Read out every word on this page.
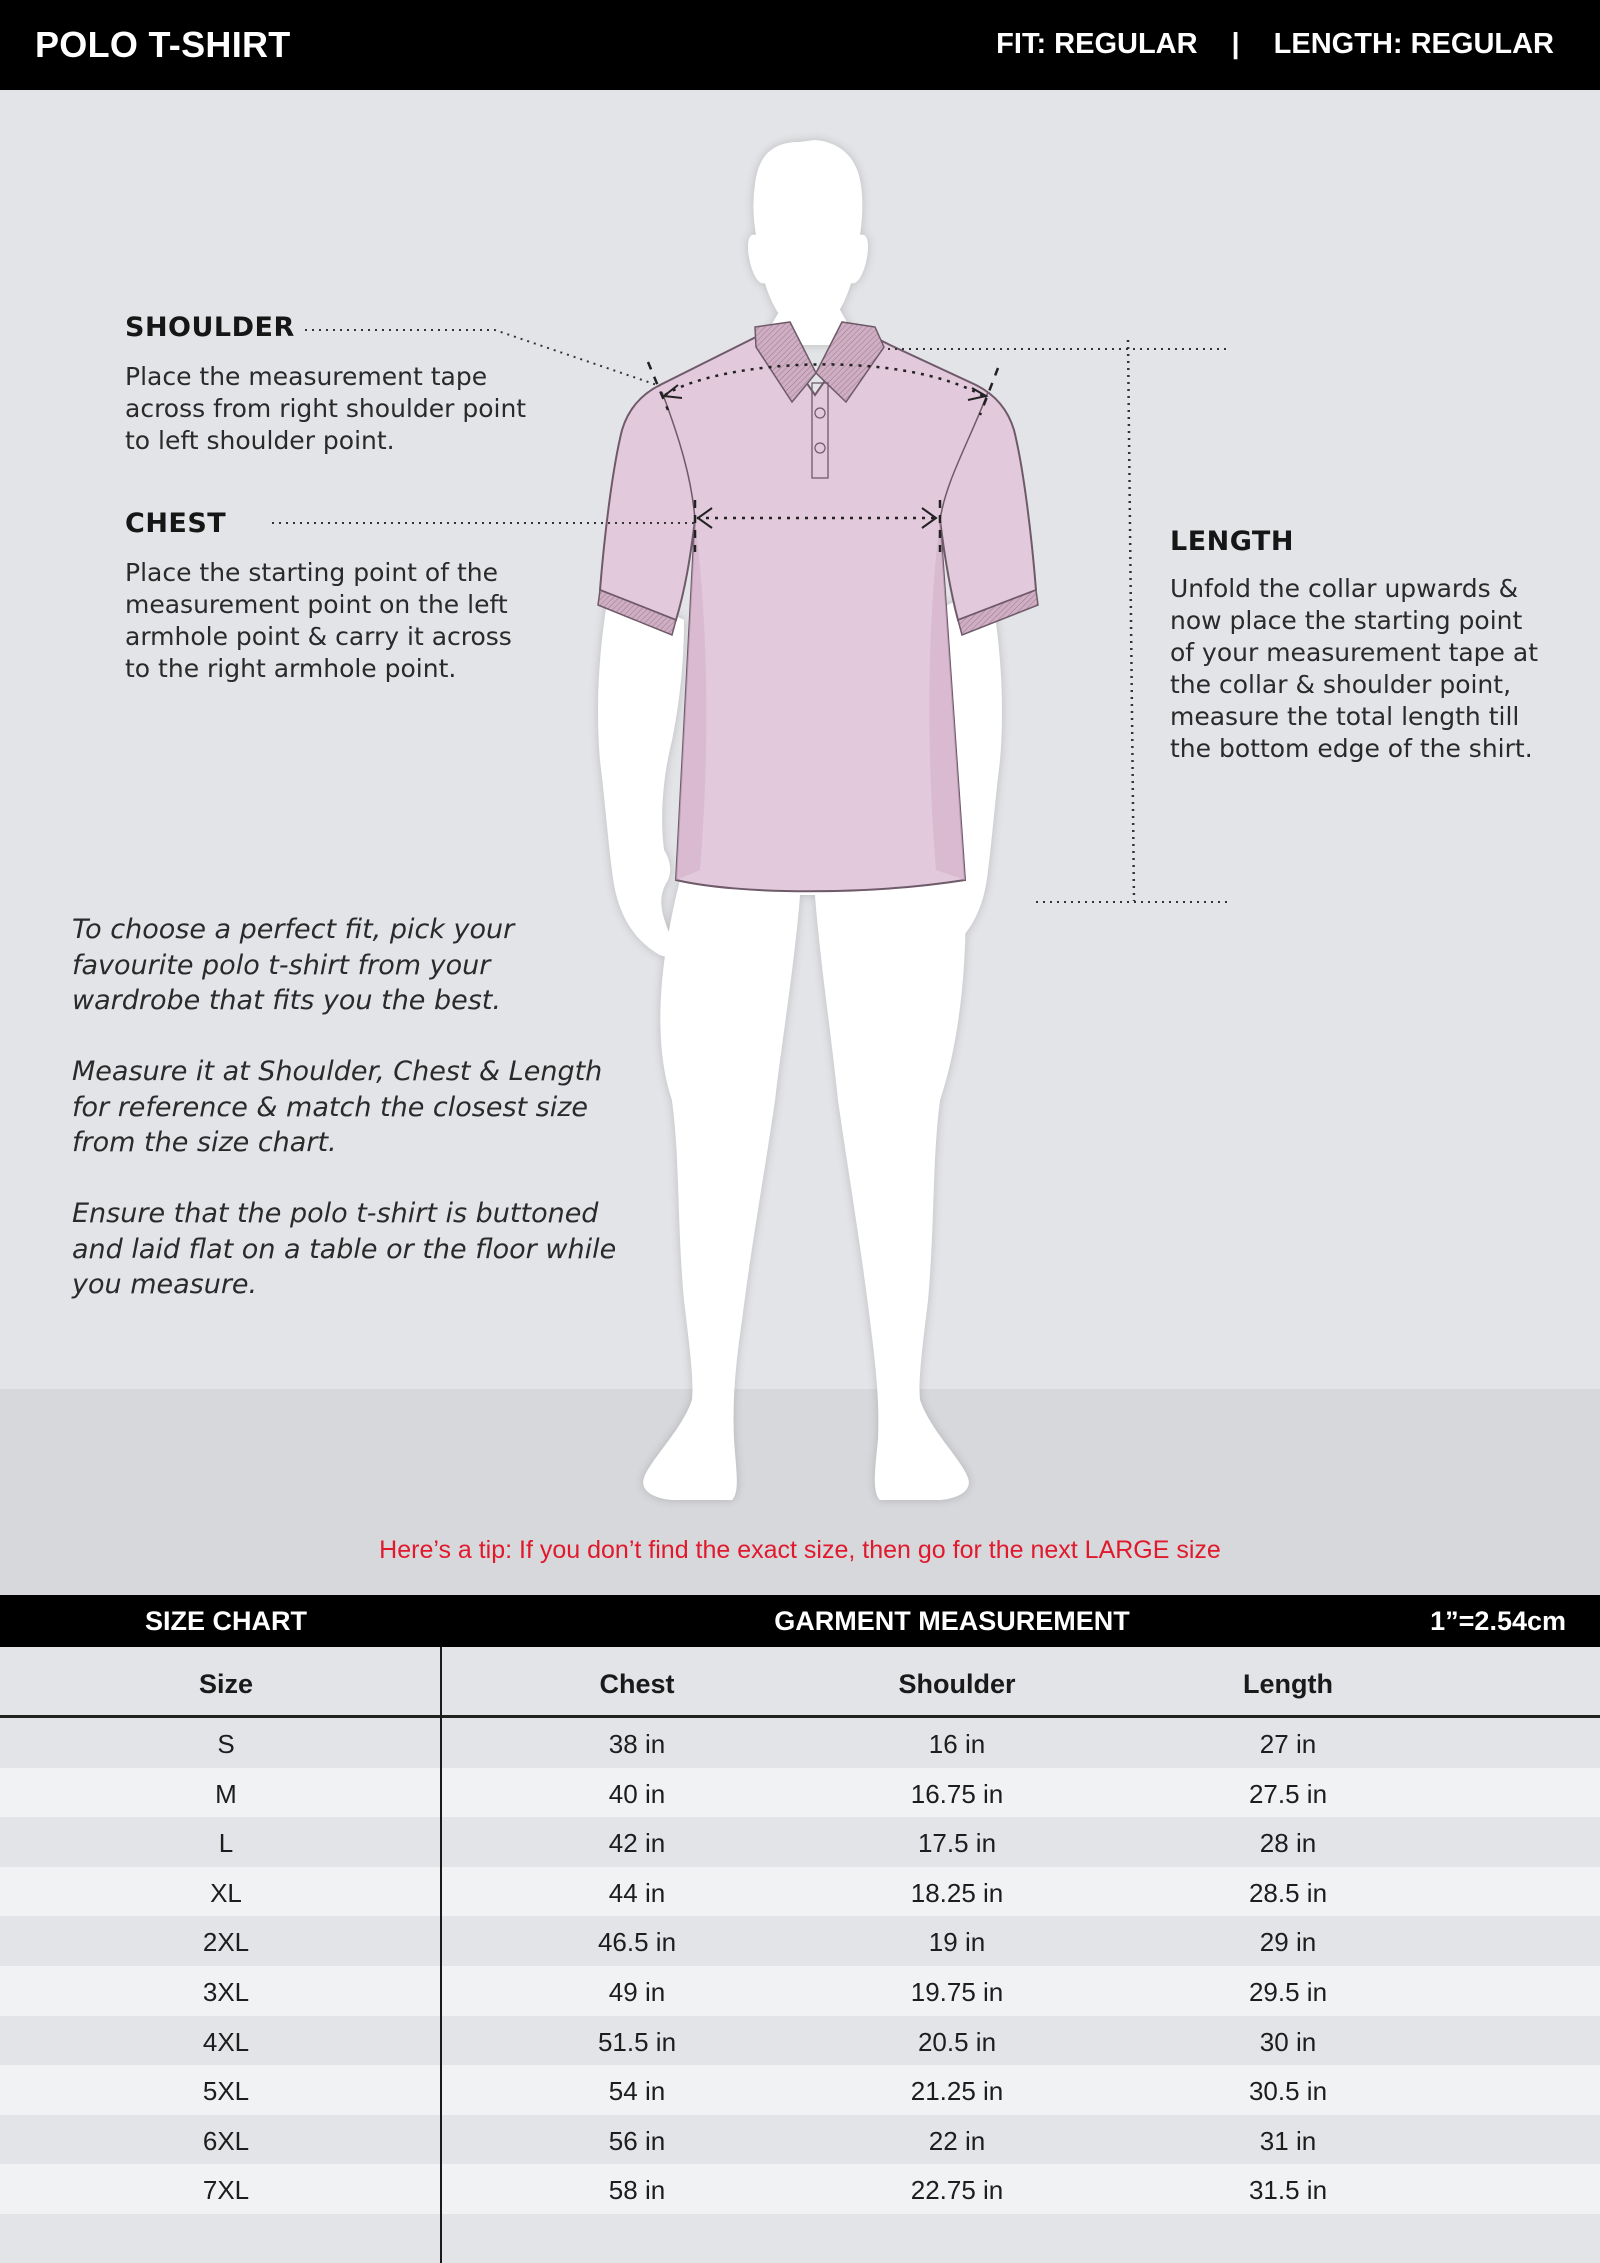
POLO T-SHIRT	FIT: REGULAR | LENGTH: REGULAR
SHOULDER
Place the measurement tape
across from right shoulder point
to left shoulder point.
CHEST
Place the starting point of the
measurement point on the left
armhole point & carry it across
to the right armhole point.
LENGTH
Unfold the collar upwards &
now place the starting point
of your measurement tape at
the collar & shoulder point,
measure the total length till
the bottom edge of the shirt.

To choose a perfect fit, pick your
favourite polo t-shirt from your
wardrobe that fits you the best.

Measure it at Shoulder, Chest & Length
for reference & match the closest size
from the size chart.

Ensure that the polo t-shirt is buttoned
and laid flat on a table or the floor while
you measure.

Here’s a tip: If you don’t find the exact size, then go for the next LARGE size
SIZE CHART	GARMENT MEASUREMENT	1”=2.54cm
Size	Chest	Shoulder	Length
S	38 in	16 in	27 in
M	40 in	16.75 in	27.5 in
L	42 in	17.5 in	28 in
XL	44 in	18.25 in	28.5 in
2XL	46.5 in	19 in	29 in
3XL	49 in	19.75 in	29.5 in
4XL	51.5 in	20.5 in	30 in
5XL	54 in	21.25 in	30.5 in
6XL	56 in	22 in	31 in
7XL	58 in	22.75 in	31.5 in
